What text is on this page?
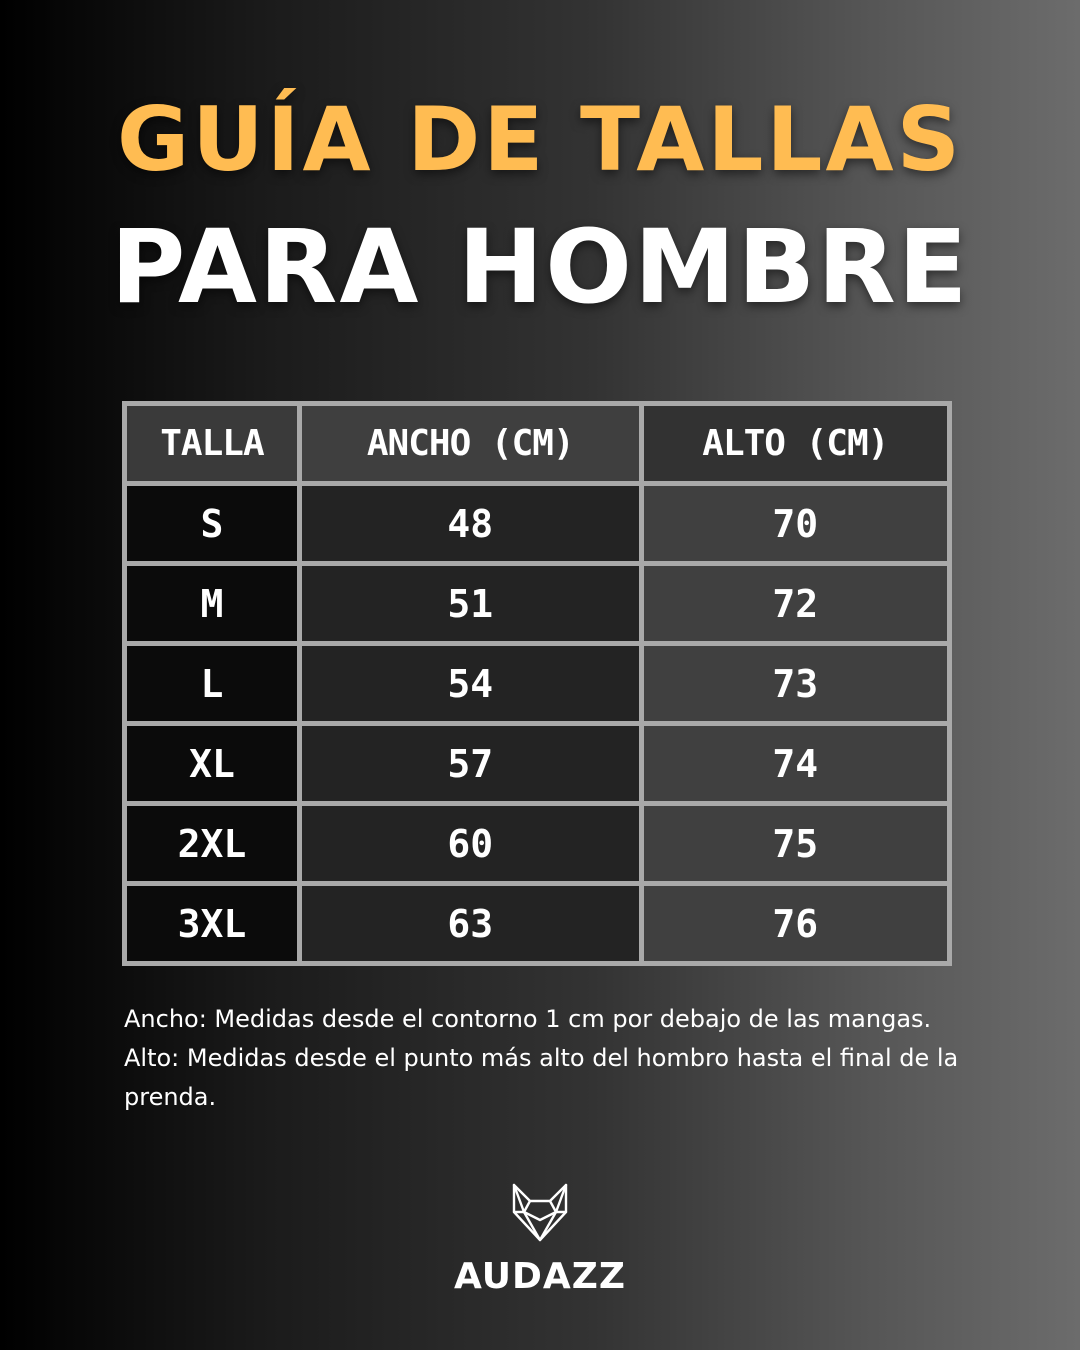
GUÍA DE TALLAS
PARA HOMBRE
TALLA	ANCHO (CM)	ALTO (CM)
S	48	70
M	51	72
L	54	73
XL	57	74
2XL	60	75
3XL	63	76

Ancho: Medidas desde el contorno 1 cm por debajo de las mangas.

Alto: Medidas desde el punto más alto del hombro hasta el final de la prenda.

AUDAZZ
